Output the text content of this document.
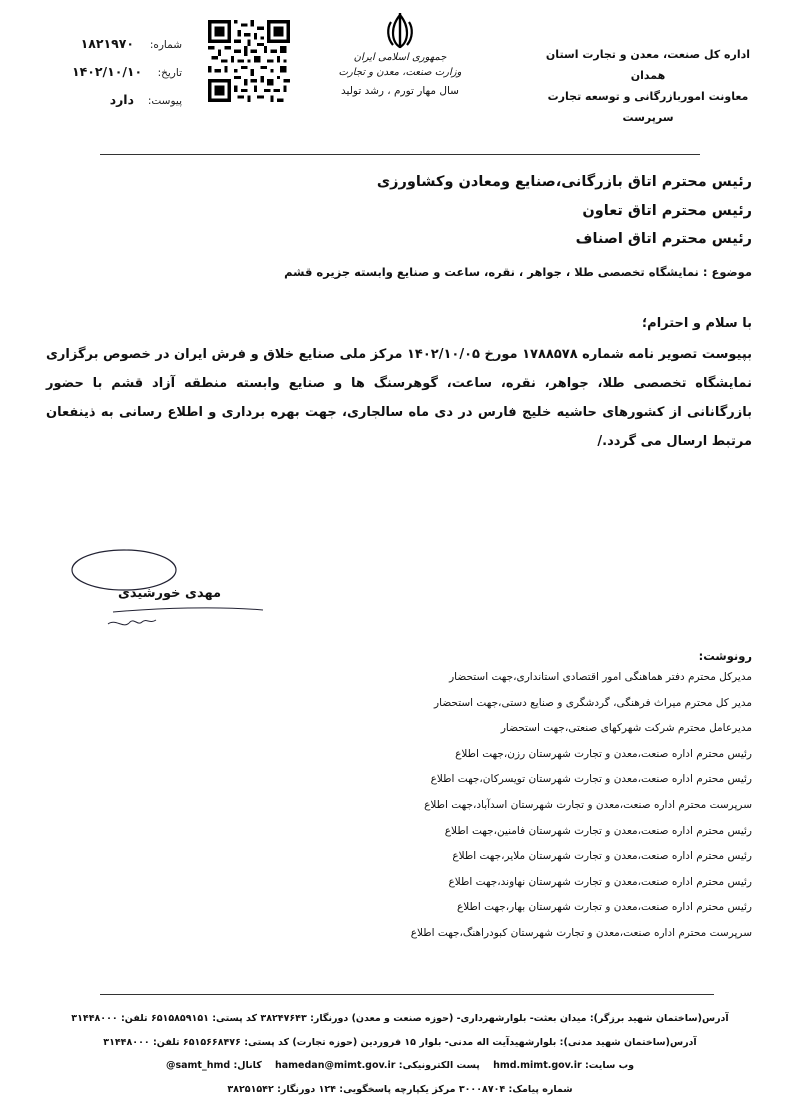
اداره کل صنعت، معدن و تجارت استان همدان
معاونت اموربازرگانی و توسعه تجارت
سرپرست
جمهوری اسلامی ایران
وزارت صنعت، معدن و تجارت
سال مهار تورم ، رشد تولید
شماره:
۱۸۲۱۹۷۰
تاریخ:
۱۴۰۲/۱۰/۱۰
پیوست:
دارد
رئیس محترم اتاق بازرگانی،صنایع ومعادن وکشاورزی
رئیس محترم اتاق تعاون
رئیس محترم اتاق اصناف
موضوع : نمایشگاه تخصصی طلا ، جواهر ، نقره، ساعت و صنایع وابسته جزیره قشم
با سلام و احترام؛
بپیوست تصویر نامه شماره ۱۷۸۸۵۷۸ مورخ ۱۴۰۲/۱۰/۰۵ مرکز ملی صنایع خلاق و فرش ایران در خصوص برگزاری نمایشگاه تخصصی طلا، جواهر، نقره، ساعت، گوهرسنگ ها و صنایع وابسته منطقه آزاد قشم با حضور بازرگانانی از کشورهای حاشیه خلیج فارس در دی ماه سالجاری، جهت بهره برداری و اطلاع رسانی به ذینفعان مرتبط ارسال می گردد./
مهدی خورشیدی
رونوشت:
مدیرکل محترم دفتر هماهنگی امور اقتصادی استانداری،جهت استحضار
مدیر کل محترم میراث فرهنگی، گردشگری و صنایع دستی،جهت استحضار
مدیرعامل محترم شرکت شهرکهای صنعتی،جهت استحضار
رئیس محترم اداره صنعت،معدن و تجارت شهرستان رزن،جهت اطلاع
رئیس محترم اداره صنعت،معدن و تجارت شهرستان تویسرکان،جهت اطلاع
سرپرست محترم اداره صنعت،معدن و تجارت شهرستان اسدآباد،جهت اطلاع
رئیس محترم اداره صنعت،معدن و تجارت شهرستان فامنین،جهت اطلاع
رئیس محترم اداره صنعت،معدن و تجارت شهرستان ملایر،جهت اطلاع
رئیس محترم اداره صنعت،معدن و تجارت شهرستان نهاوند،جهت اطلاع
رئیس محترم اداره صنعت،معدن و تجارت شهرستان بهار،جهت اطلاع
سرپرست محترم اداره صنعت،معدن و تجارت شهرستان کبودراهنگ،جهت اطلاع
آدرس(ساختمان شهید برزگر): میدان بعثت- بلوارشهرداری- (حوزه صنعت و معدن) دورنگار: ۳۸۲۴۷۶۴۳ کد پستی: ۶۵۱۵۸۵۹۱۵۱ تلفن: ۳۱۴۴۸۰۰۰
آدرس(ساختمان شهید مدنی): بلوارشهیدآیت اله مدنی- بلوار ۱۵ فروردین (حوزه تجارت) کد پستی: ۶۵۱۵۶۶۸۴۷۶ تلفن: ۳۱۴۴۸۰۰۰
وب سایت: hmd.mimt.gov.ir    پست الکترونیکی: hamedan@mimt.gov.ir    کانال: @samt_hmd
شماره پیامک: ۳۰۰۰۸۷۰۴ مرکز یکپارچه پاسخگویی: ۱۲۴ دورنگار: ۳۸۲۵۱۵۴۲
